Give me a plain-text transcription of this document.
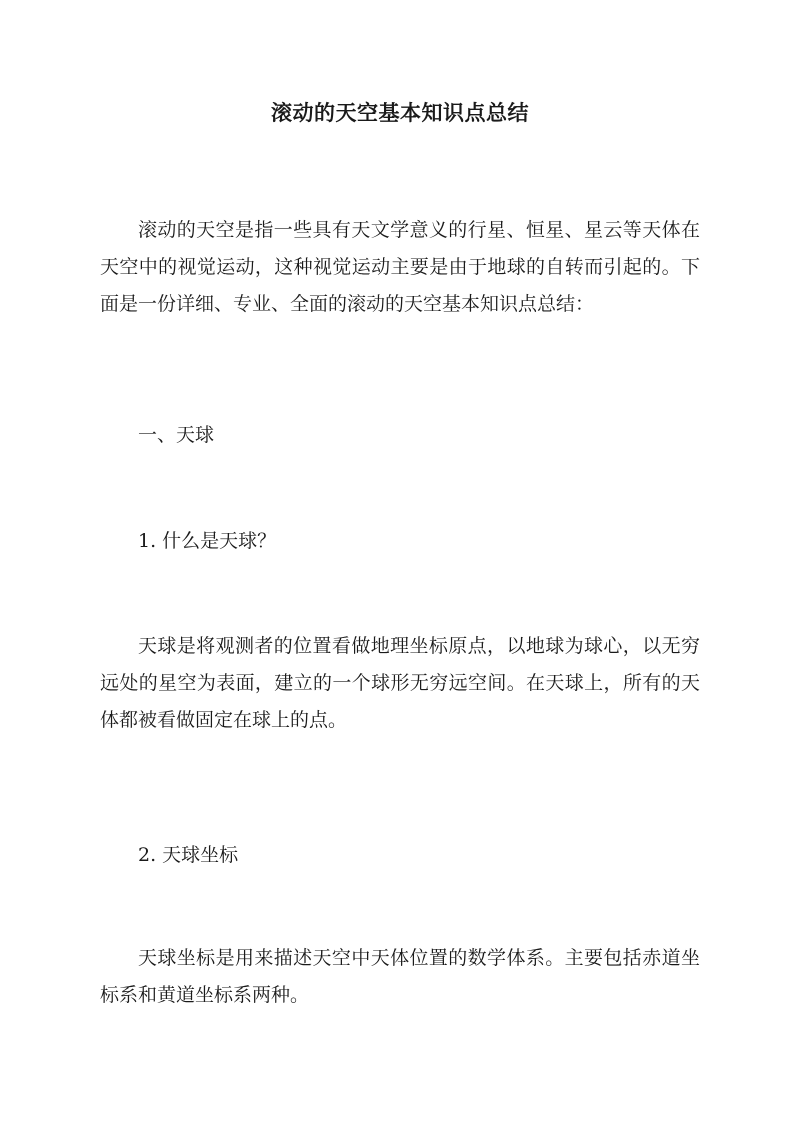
滚动的天空基本知识点总结

滚动的天空是指一些具有天文学意义的行星、恒星、星云等天体在天空中的视觉运动，这种视觉运动主要是由于地球的自转而引起的。下面是一份详细、专业、全面的滚动的天空基本知识点总结：

一、天球

1. 什么是天球？

天球是将观测者的位置看做地理坐标原点，以地球为球心，以无穷远处的星空为表面，建立的一个球形无穷远空间。在天球上，所有的天体都被看做固定在球上的点。

2. 天球坐标

天球坐标是用来描述天空中天体位置的数学体系。主要包括赤道坐标系和黄道坐标系两种。
